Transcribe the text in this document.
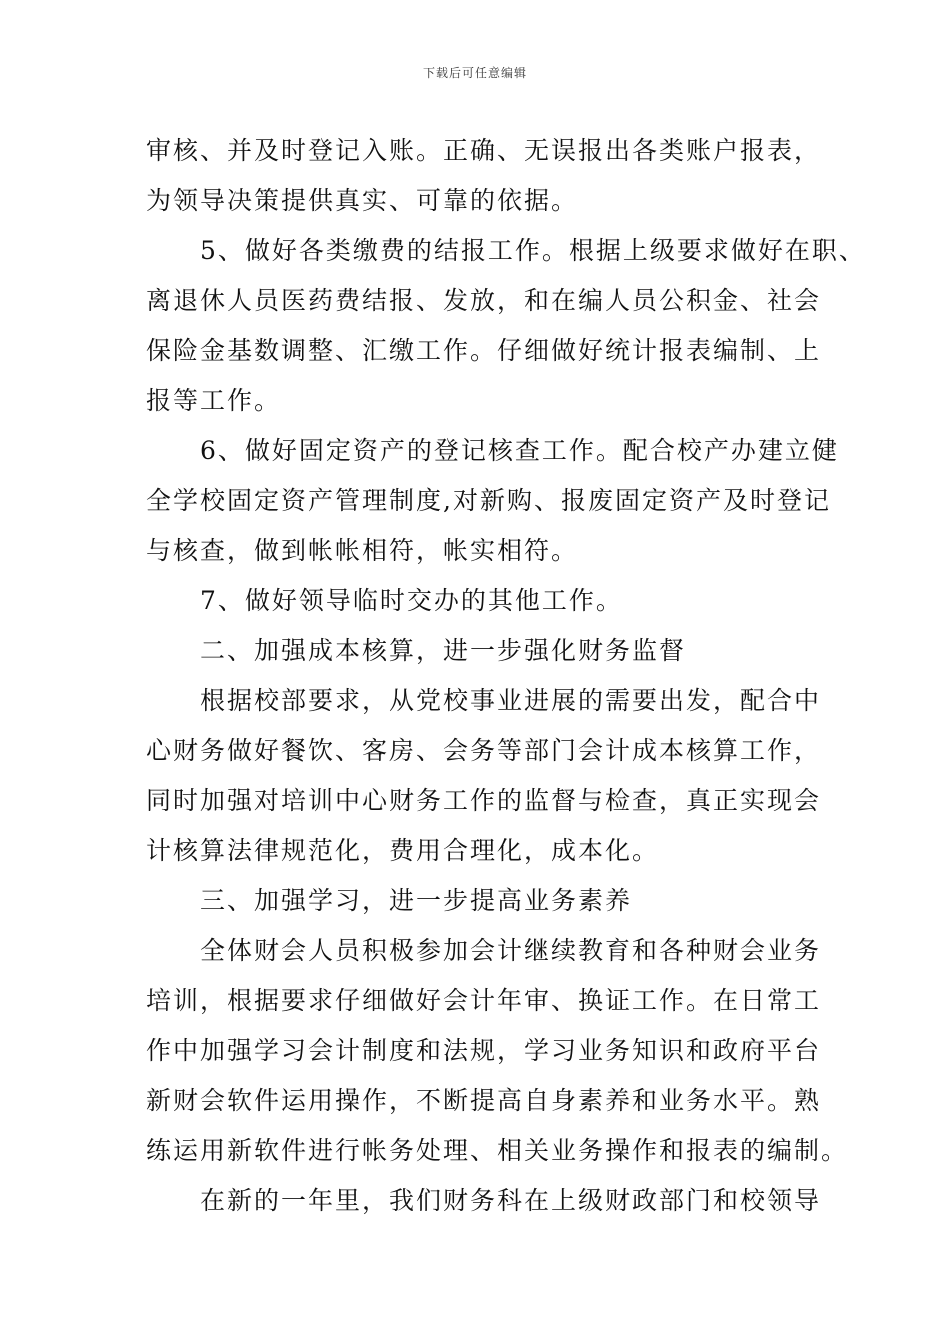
下载后可任意编辑

审核、并及时登记入账。正确、无误报出各类账户报表，

为领导决策提供真实、可靠的依据。

　　5、做好各类缴费的结报工作。根据上级要求做好在职、

离退休人员医药费结报、发放，和在编人员公积金、社会

保险金基数调整、汇缴工作。仔细做好统计报表编制、上

报等工作。

　　6、做好固定资产的登记核查工作。配合校产办建立健

全学校固定资产管理制度,对新购、报废固定资产及时登记

与核查，做到帐帐相符，帐实相符。

　　7、做好领导临时交办的其他工作。

　　二、加强成本核算，进一步强化财务监督

　　根据校部要求，从党校事业进展的需要出发，配合中

心财务做好餐饮、客房、会务等部门会计成本核算工作，

同时加强对培训中心财务工作的监督与检查，真正实现会

计核算法律规范化，费用合理化，成本化。

　　三、加强学习，进一步提高业务素养

　　全体财会人员积极参加会计继续教育和各种财会业务

培训，根据要求仔细做好会计年审、换证工作。在日常工

作中加强学习会计制度和法规，学习业务知识和政府平台

新财会软件运用操作，不断提高自身素养和业务水平。熟

练运用新软件进行帐务处理、相关业务操作和报表的编制。

　　在新的一年里，我们财务科在上级财政部门和校领导
